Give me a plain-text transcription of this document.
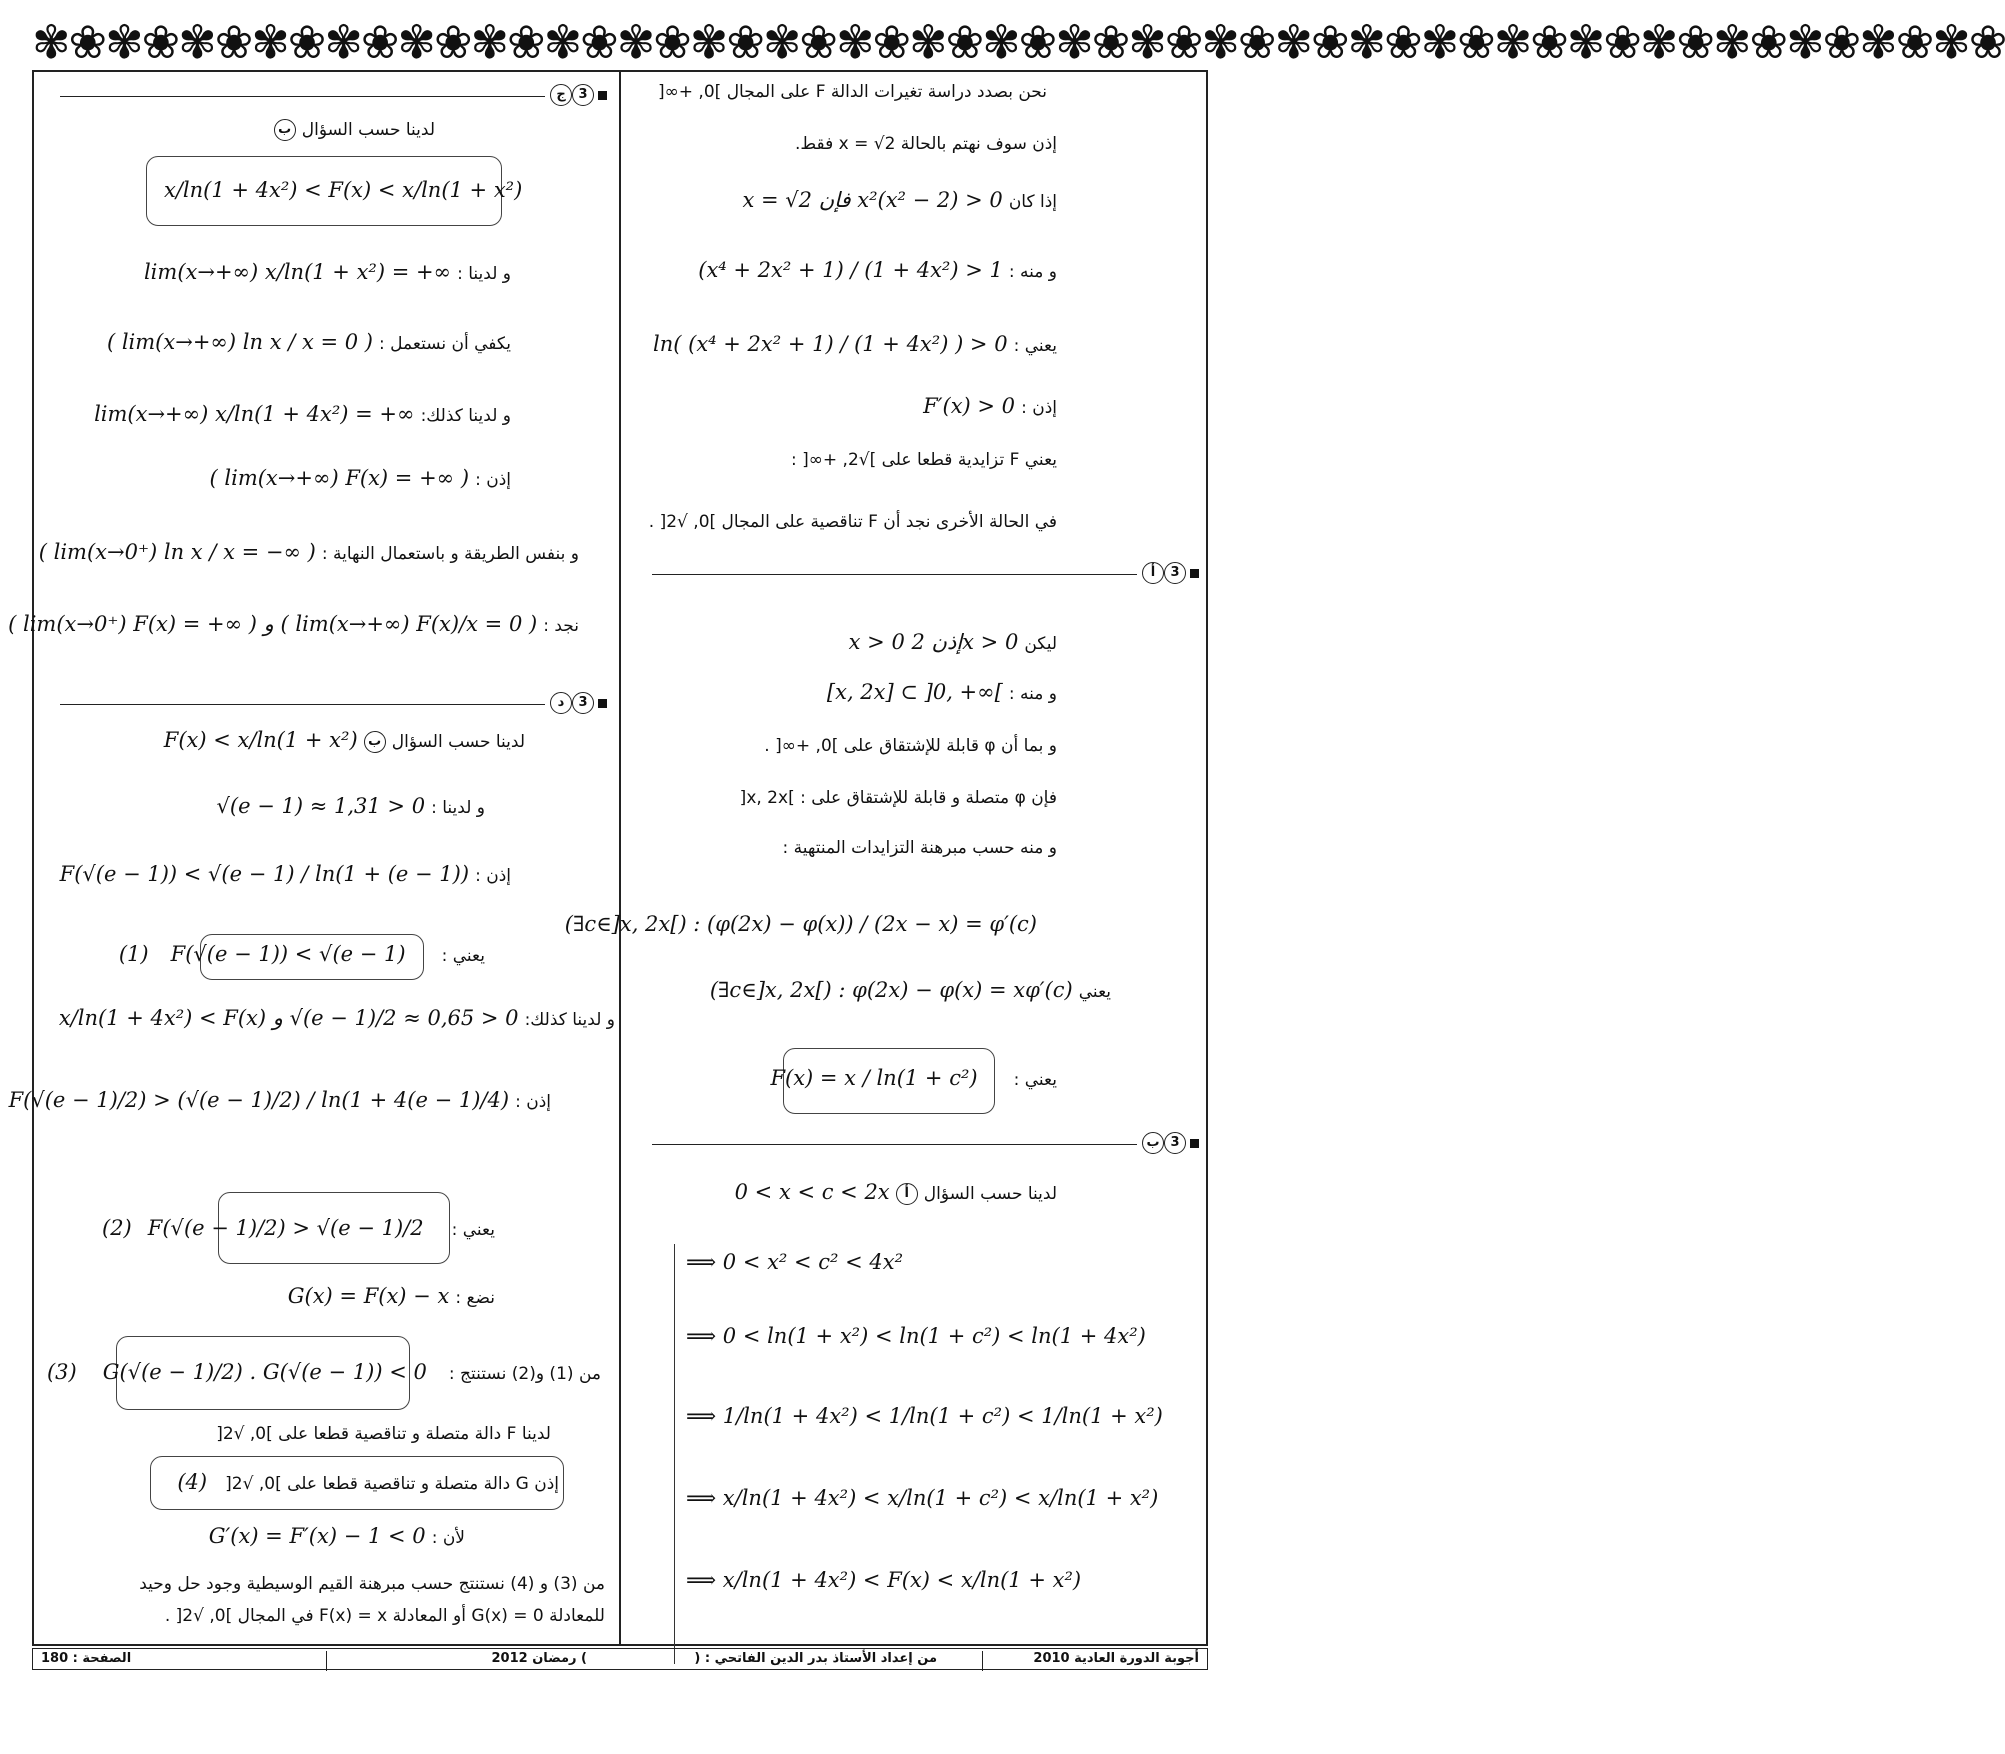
✾❀✾❀✾❀✾❀✾❀✾❀✾❀✾❀✾❀✾❀✾❀✾❀✾❀✾❀✾❀✾❀✾❀✾❀✾❀✾❀✾❀✾❀✾❀✾❀✾❀✾❀✾❀
نحن بصدد دراسة تغيرات الدالة F على المجال ]0, +∞[
إذن سوف نهتم بالحالة x = √2 فقط.
إذا كان x = √2 فإن x²(x² − 2) > 0
و منه : (x⁴ + 2x² + 1) / (1 + 4x²) > 1
يعني : ln( (x⁴ + 2x² + 1) / (1 + 4x²) ) > 0
إذن : F′(x) > 0
يعني F تزايدية قطعا على ]√2, +∞[ :
في الحالة الأخرى نجد أن F تناقصية على المجال ]0, √2[ .
أ 3
ليكن x > 0 إذن 2x > 0
و منه : [x, 2x] ⊂ ]0, +∞[
و بما أن φ قابلة للإشتقاق على ]0, +∞[ .
فإن φ متصلة و قابلة للإشتقاق على : ]x, 2x[
و منه حسب مبرهنة التزايدات المنتهية :
(∃c∈]x, 2x[) : (φ(2x) − φ(x)) / (2x − x) = φ′(c)
يعني (∃c∈]x, 2x[) : φ(2x) − φ(x) = xφ′(c)
يعني : F(x) = x / ln(1 + c²)
ب 3
لدينا حسب السؤال أ 0 < x < c < 2x
⟹ 0 < x² < c² < 4x²
⟹ 0 < ln(1 + x²) < ln(1 + c²) < ln(1 + 4x²)
⟹ 1/ln(1 + 4x²) < 1/ln(1 + c²) < 1/ln(1 + x²)
⟹ x/ln(1 + 4x²) < x/ln(1 + c²) < x/ln(1 + x²)
⟹ x/ln(1 + 4x²) < F(x) < x/ln(1 + x²)
ج 3
لدينا حسب السؤال ب
x/ln(1 + 4x²) < F(x) < x/ln(1 + x²)
و لدينا : lim(x→+∞) x/ln(1 + x²) = +∞
يكفي أن نستعمل : ( lim(x→+∞) ln x / x = 0 )
و لدينا كذلك: lim(x→+∞) x/ln(1 + 4x²) = +∞
إذن : ( lim(x→+∞) F(x) = +∞ )
و بنفس الطريقة و باستعمال النهاية : ( lim(x→0⁺) ln x / x = −∞ )
نجد : ( lim(x→0⁺) F(x) = +∞ ) و ( lim(x→+∞) F(x)/x = 0 )
د 3
لدينا حسب السؤال ب F(x) < x/ln(1 + x²)
و لدينا : √(e − 1) ≈ 1,31 > 0
إذن : F(√(e − 1)) < √(e − 1) / ln(1 + (e − 1))
يعني : F(√(e − 1)) < √(e − 1) (1)
و لدينا كذلك: x/ln(1 + 4x²) < F(x) و √(e − 1)/2 ≈ 0,65 > 0
إذن : F(√(e − 1)/2) > (√(e − 1)/2) / ln(1 + 4(e − 1)/4)
يعني : F(√(e − 1)/2) > √(e − 1)/2 (2)
نضع : G(x) = F(x) − x
من (1) و(2) نستنتج : G(√(e − 1)/2) . G(√(e − 1)) < 0 (3)
لدينا F دالة متصلة و تناقصية قطعا على ]0, √2[
إذن G دالة متصلة و تناقصية قطعا على ]0, √2[ (4)
لأن : G′(x) = F′(x) − 1 < 0
من (3) و (4) نستنتج حسب مبرهنة القيم الوسيطية وجود حل وحيد
للمعادلة G(x) = 0 أو المعادلة F(x) = x في المجال ]0, √2[ .
أجوبة الدورة العادية 2010
من إعداد الأستاذ بدر الدين الفاتحي : (
) رمضان 2012
الصفحة : 180
